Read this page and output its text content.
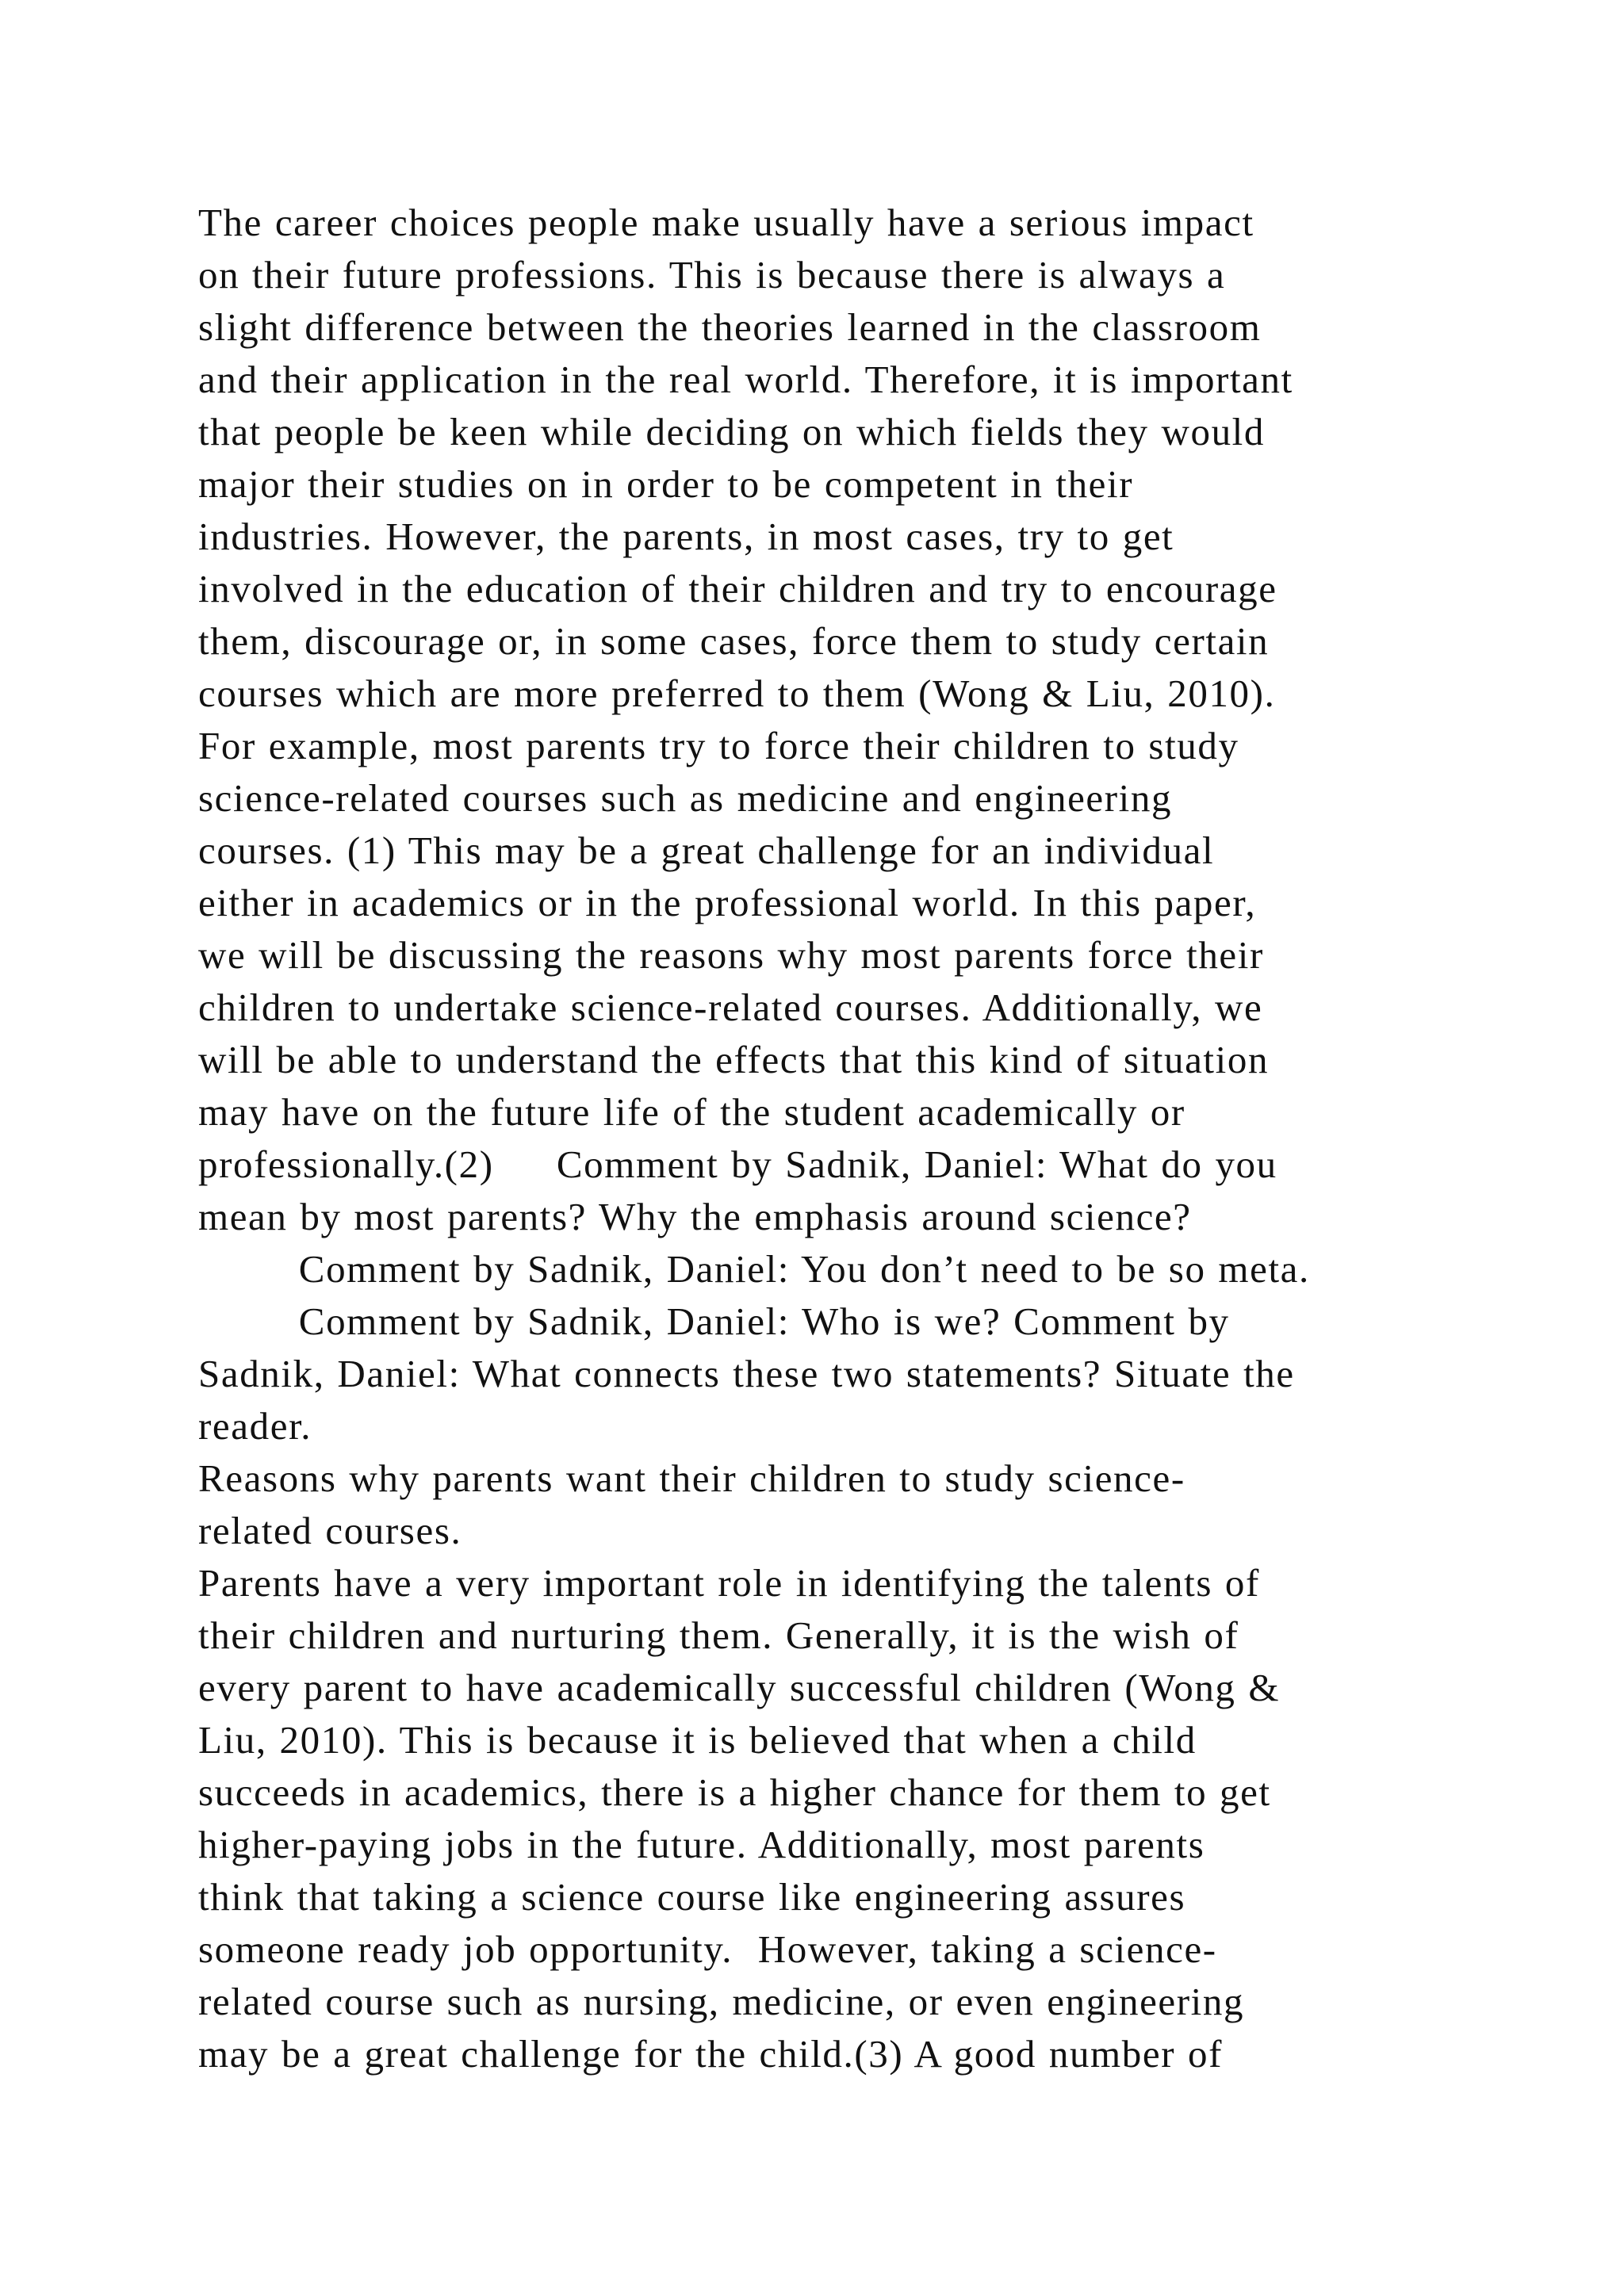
The career choices people make usually have a serious impact
on their future professions. This is because there is always a
slight difference between the theories learned in the classroom
and their application in the real world. Therefore, it is important
that people be keen while deciding on which fields they would
major their studies on in order to be competent in their
industries. However, the parents, in most cases, try to get
involved in the education of their children and try to encourage
them, discourage or, in some cases, force them to study certain
courses which are more preferred to them (Wong & Liu, 2010).
For example, most parents try to force their children to study
science-related courses such as medicine and engineering
courses. (1) This may be a great challenge for an individual
either in academics or in the professional world. In this paper,
we will be discussing the reasons why most parents force their
children to undertake science-related courses. Additionally, we
will be able to understand the effects that this kind of situation
may have on the future life of the student academically or
professionally.(2)     Comment by Sadnik, Daniel: What do you
mean by most parents? Why the emphasis around science?
Comment by Sadnik, Daniel: You don’t need to be so meta.
Comment by Sadnik, Daniel: Who is we? Comment by
Sadnik, Daniel: What connects these two statements? Situate the
reader.
Reasons why parents want their children to study science-
related courses.
Parents have a very important role in identifying the talents of
their children and nurturing them. Generally, it is the wish of
every parent to have academically successful children (Wong &
Liu, 2010). This is because it is believed that when a child
succeeds in academics, there is a higher chance for them to get
higher-paying jobs in the future. Additionally, most parents
think that taking a science course like engineering assures
someone ready job opportunity.  However, taking a science-
related course such as nursing, medicine, or even engineering
may be a great challenge for the child.(3) A good number of
